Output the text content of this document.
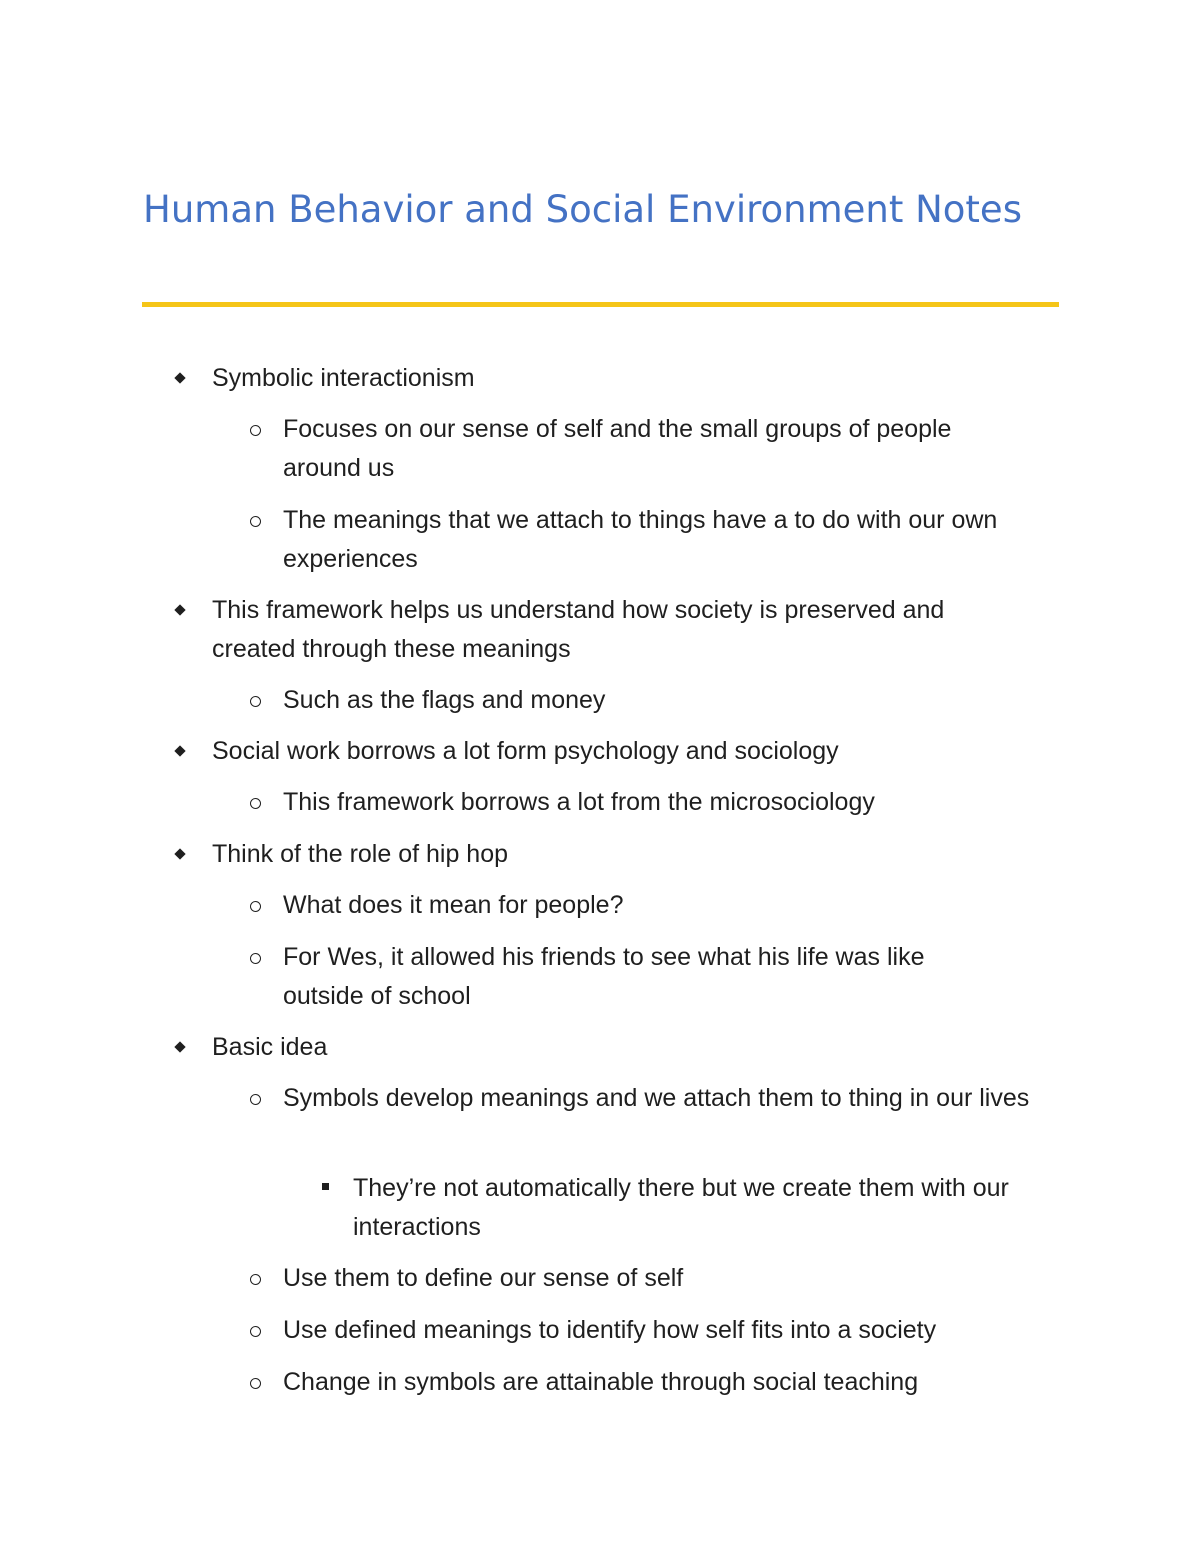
Human Behavior and Social Environment Notes
Symbolic interactionism
Focuses on our sense of self and the small groups of people around us
The meanings that we attach to things have a to do with our own experiences
This framework helps us understand how society is preserved and created through these meanings
Such as the flags and money
Social work borrows a lot form psychology and sociology
This framework borrows a lot from the microsociology
Think of the role of hip hop
What does it mean for people?
For Wes, it allowed his friends to see what his life was like outside of school
Basic idea
Symbols develop meanings and we attach them to thing in our lives
They’re not automatically there but we create them with our interactions
Use them to define our sense of self
Use defined meanings to identify how self fits into a society
Change in symbols are attainable through social teaching
